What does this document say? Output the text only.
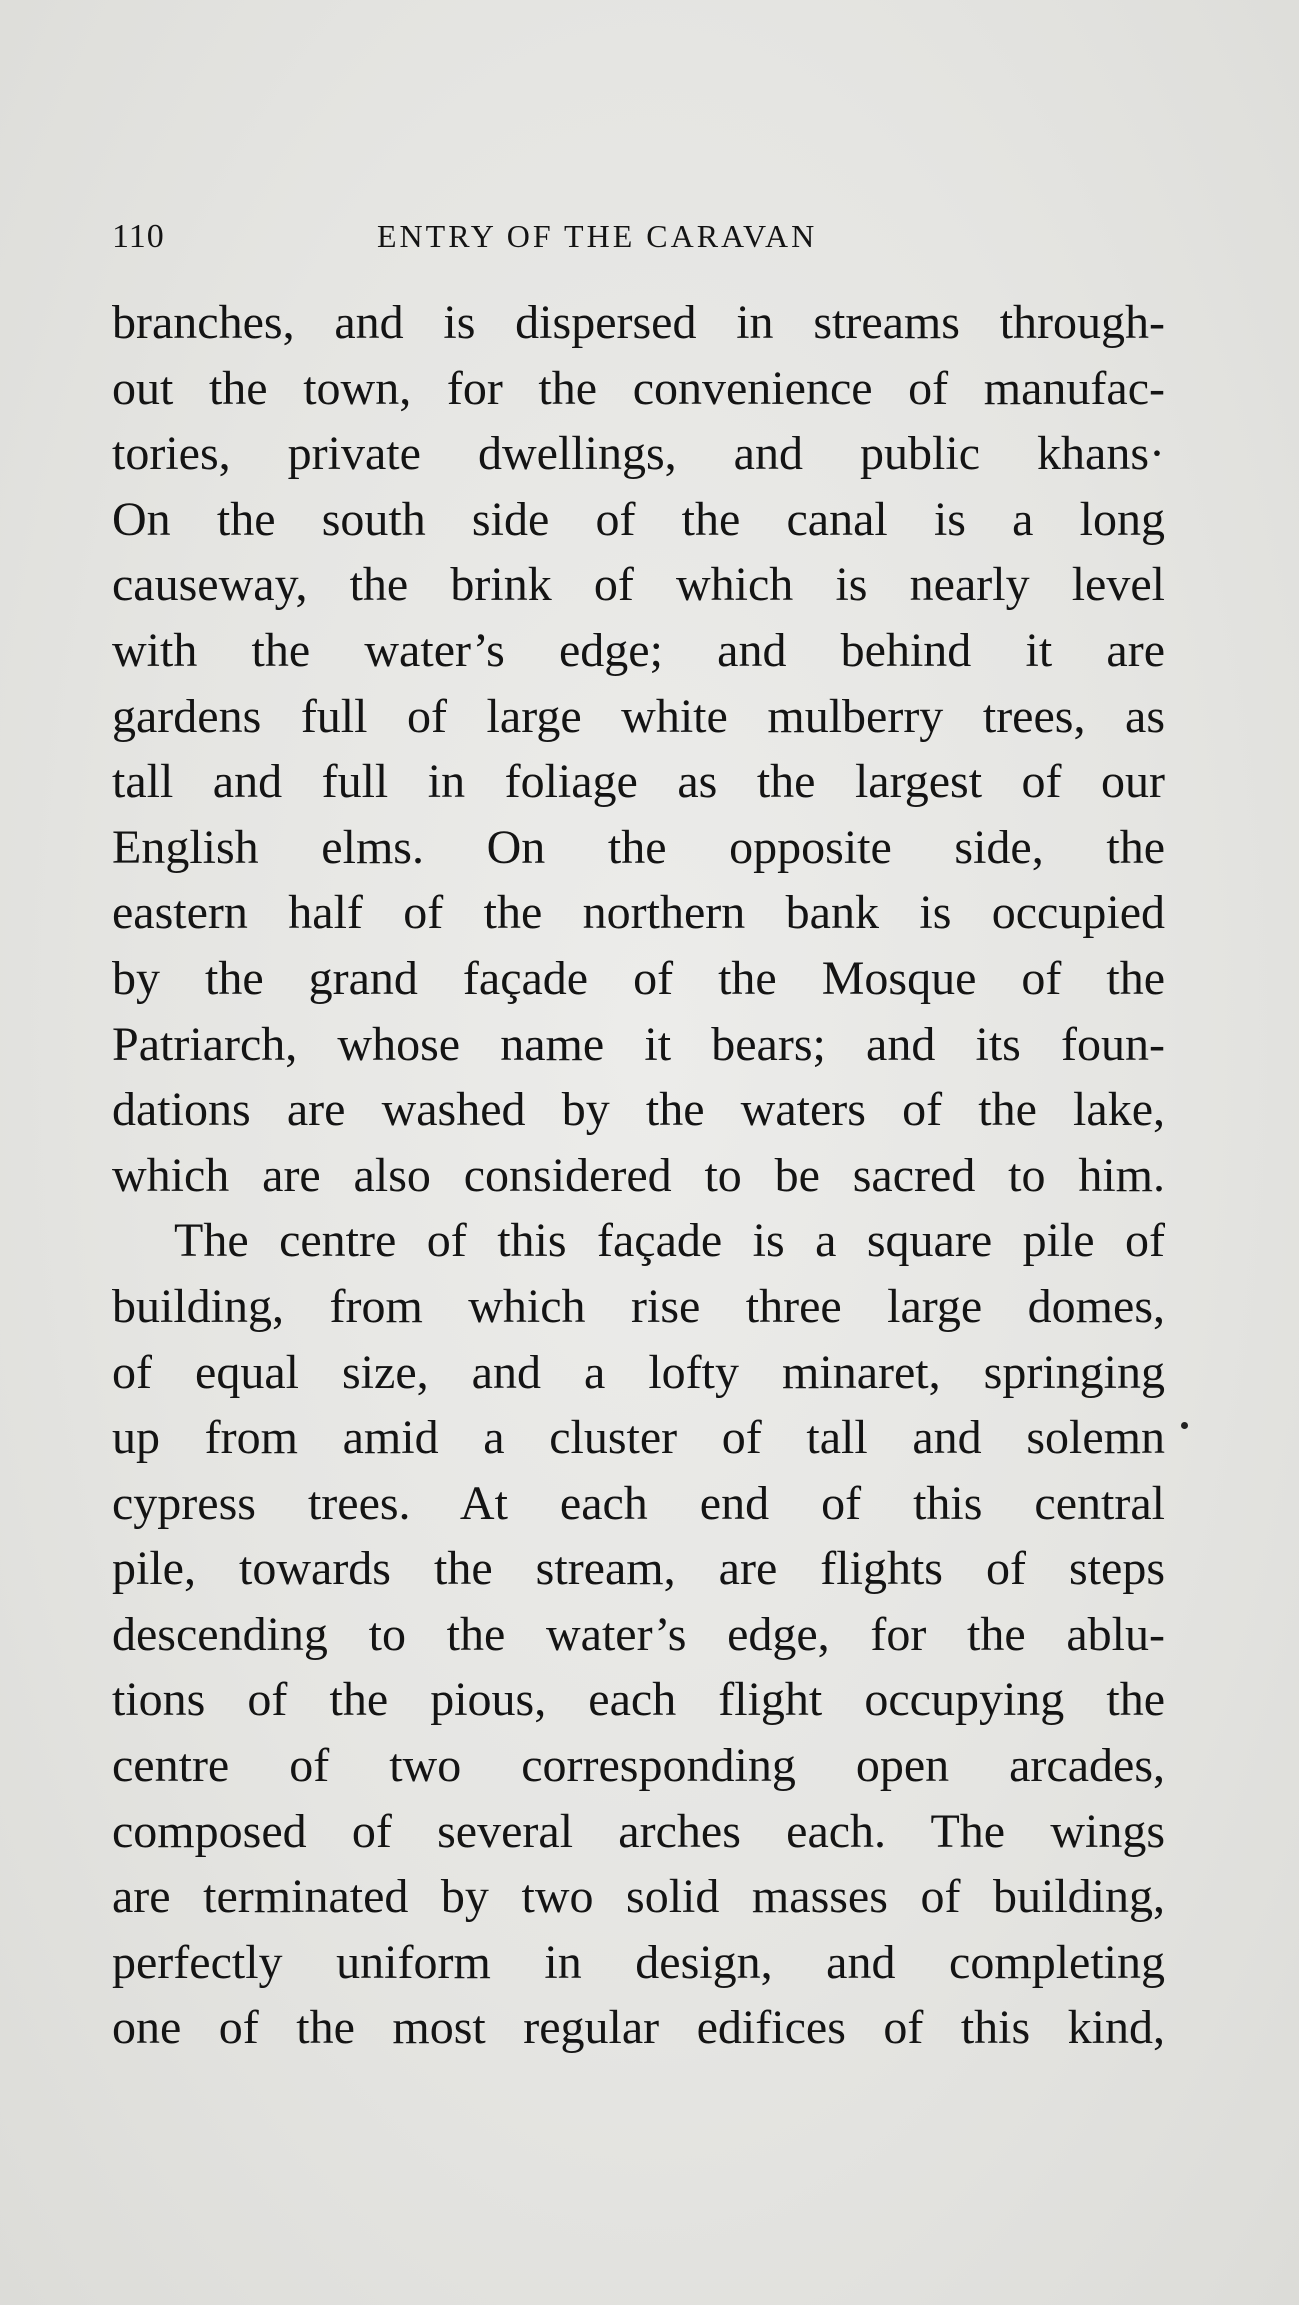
110	ENTRY OF THE CARAVAN
branches, and is dispersed in streams through-
out the town, for the convenience of manufac-
tories, private dwellings, and public khans·
On the south side of the canal is a long
causeway, the brink of which is nearly level
with the water’s edge; and behind it are
gardens full of large white mulberry trees, as
tall and full in foliage as the largest of our
English elms. On the opposite side, the
eastern half of the northern bank is occupied
by the grand façade of the Mosque of the
Patriarch, whose name it bears; and its foun-
dations are washed by the waters of the lake,
which are also considered to be sacred to him.
The centre of this façade is a square pile of
building, from which rise three large domes,
of equal size, and a lofty minaret, springing
up from amid a cluster of tall and solemn
cypress trees. At each end of this central
pile, towards the stream, are flights of steps
descending to the water’s edge, for the ablu-
tions of the pious, each flight occupying the
centre of two corresponding open arcades,
composed of several arches each. The wings
are terminated by two solid masses of building,
perfectly uniform in design, and completing
one of the most regular edifices of this kind,
